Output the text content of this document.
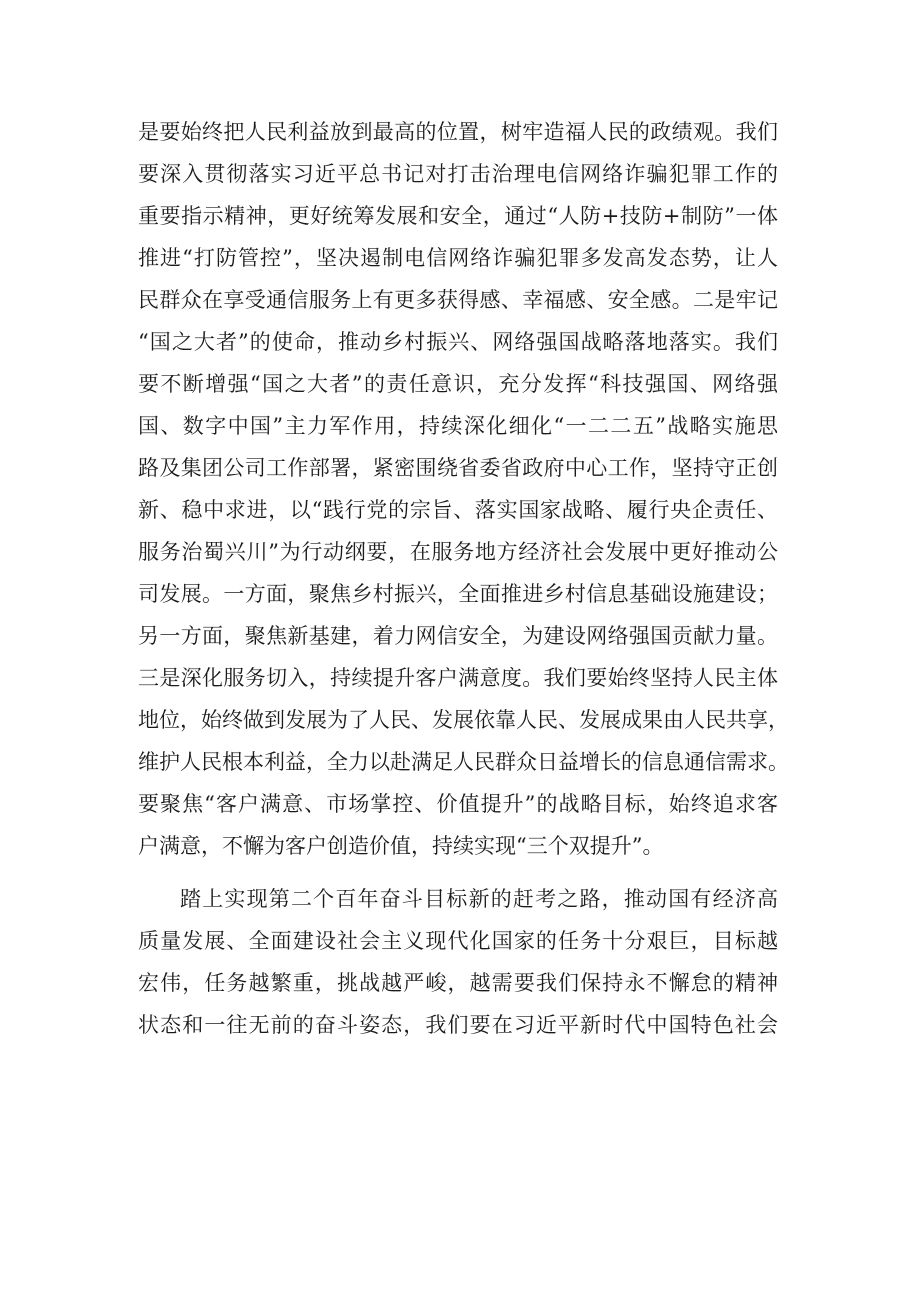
是要始终把人民利益放到最高的位置，树牢造福人民的政绩观。我们
要深入贯彻落实习近平总书记对打击治理电信网络诈骗犯罪工作的
重要指示精神，更好统筹发展和安全，通过“人防+技防+制防”一体
推进“打防管控”，坚决遏制电信网络诈骗犯罪多发高发态势，让人
民群众在享受通信服务上有更多获得感、幸福感、安全感。二是牢记
“国之大者”的使命，推动乡村振兴、网络强国战略落地落实。我们
要不断增强“国之大者”的责任意识，充分发挥“科技强国、网络强
国、数字中国”主力军作用，持续深化细化“一二二五”战略实施思
路及集团公司工作部署，紧密围绕省委省政府中心工作，坚持守正创
新、稳中求进，以“践行党的宗旨、落实国家战略、履行央企责任、
服务治蜀兴川”为行动纲要，在服务地方经济社会发展中更好推动公
司发展。一方面，聚焦乡村振兴，全面推进乡村信息基础设施建设；
另一方面，聚焦新基建，着力网信安全，为建设网络强国贡献力量。
三是深化服务切入，持续提升客户满意度。我们要始终坚持人民主体
地位，始终做到发展为了人民、发展依靠人民、发展成果由人民共享，
维护人民根本利益，全力以赴满足人民群众日益增长的信息通信需求。
要聚焦“客户满意、市场掌控、价值提升”的战略目标，始终追求客
户满意，不懈为客户创造价值，持续实现“三个双提升”。
踏上实现第二个百年奋斗目标新的赶考之路，推动国有经济高
质量发展、全面建设社会主义现代化国家的任务十分艰巨，目标越
宏伟，任务越繁重，挑战越严峻，越需要我们保持永不懈怠的精神
状态和一往无前的奋斗姿态，我们要在习近平新时代中国特色社会
